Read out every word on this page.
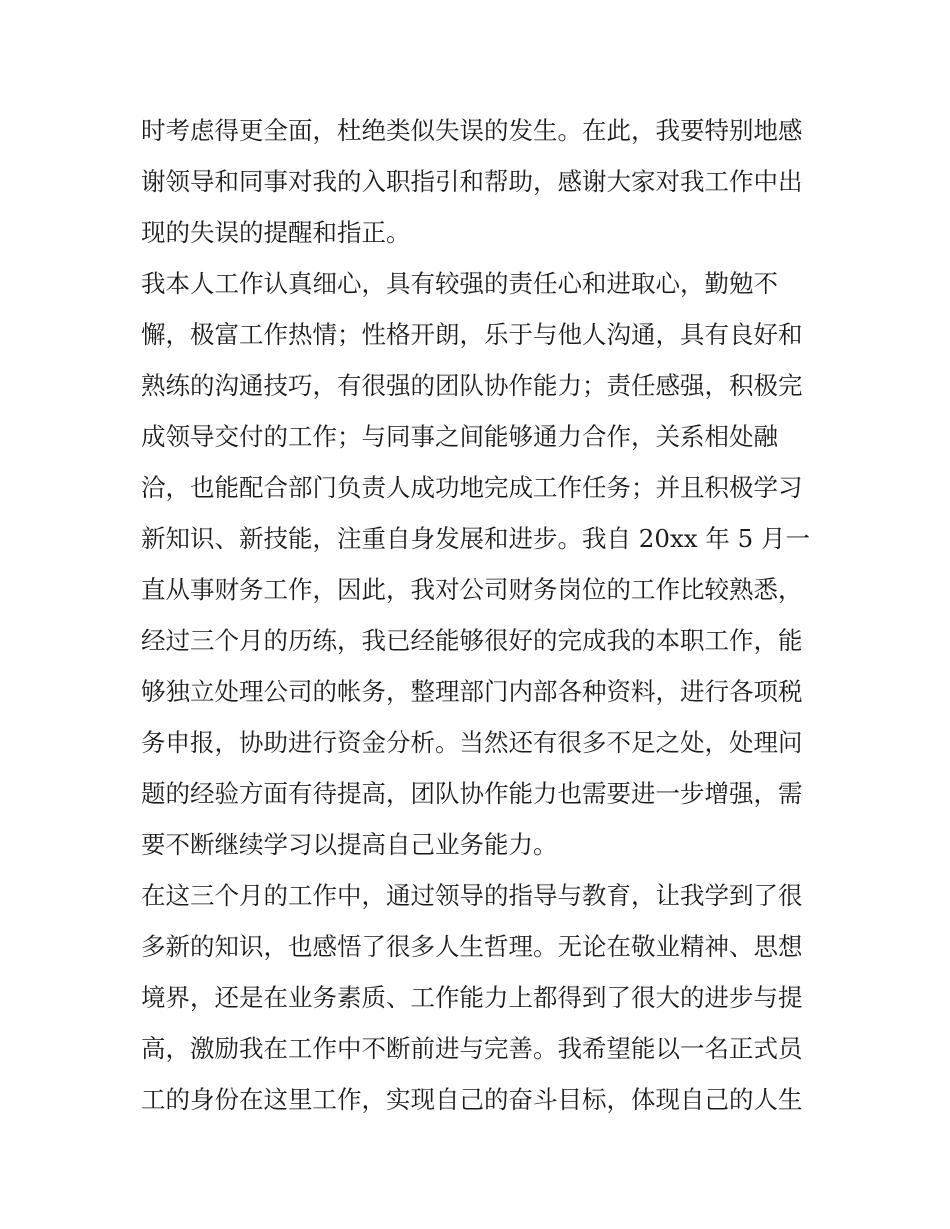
时考虑得更全面，杜绝类似失误的发生。在此，我要特别地感
谢领导和同事对我的入职指引和帮助，感谢大家对我工作中出
现的失误的提醒和指正。
我本人工作认真细心，具有较强的责任心和进取心，勤勉不
懈，极富工作热情；性格开朗，乐于与他人沟通，具有良好和
熟练的沟通技巧，有很强的团队协作能力；责任感强，积极完
成领导交付的工作；与同事之间能够通力合作，关系相处融
洽，也能配合部门负责人成功地完成工作任务；并且积极学习
新知识、新技能，注重自身发展和进步。我自 20xx 年 5 月一
直从事财务工作，因此，我对公司财务岗位的工作比较熟悉，
经过三个月的历练，我已经能够很好的完成我的本职工作，能
够独立处理公司的帐务，整理部门内部各种资料，进行各项税
务申报，协助进行资金分析。当然还有很多不足之处，处理问
题的经验方面有待提高，团队协作能力也需要进一步增强，需
要不断继续学习以提高自己业务能力。
在这三个月的工作中，通过领导的指导与教育，让我学到了很
多新的知识，也感悟了很多人生哲理。无论在敬业精神、思想
境界，还是在业务素质、工作能力上都得到了很大的进步与提
高，激励我在工作中不断前进与完善。我希望能以一名正式员
工的身份在这里工作，实现自己的奋斗目标，体现自己的人生
